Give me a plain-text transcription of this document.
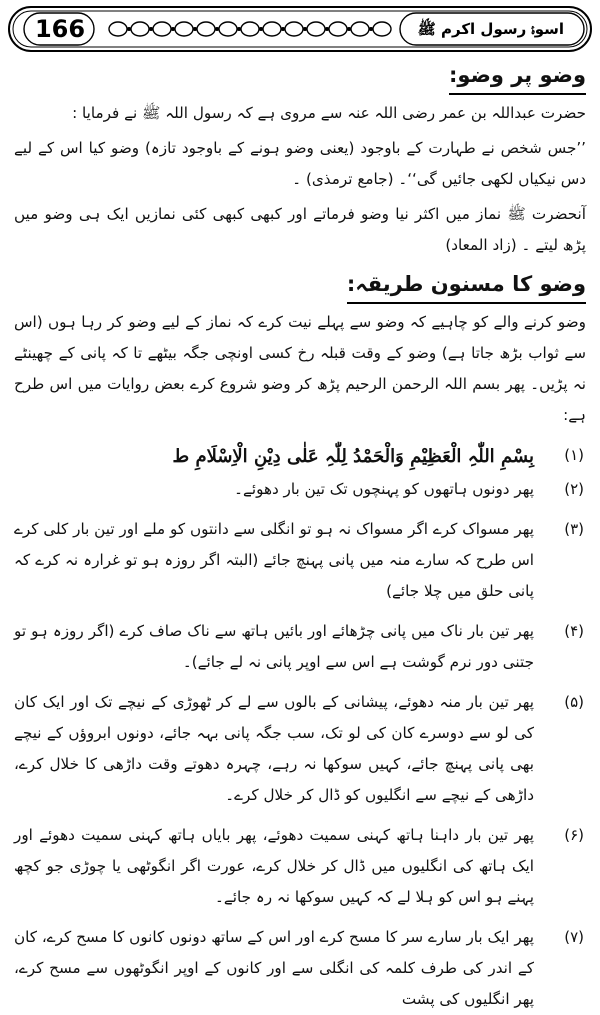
166	اسوۂ رسول اکرم ﷺ
وضو پر وضو:

حضرت عبداللہ بن عمر رضی اللہ عنہ سے مروی ہے کہ رسول اللہ ﷺ نے فرمایا :

’’جس شخص نے طہارت کے باوجود (یعنی وضو ہونے کے باوجود تازہ) وضو کیا اس کے لیے دس نیکیاں لکھی جائیں گی‘‘۔ (جامع ترمذی) ۔

آنحضرت ﷺ نماز میں اکثر نیا وضو فرماتے اور کبھی کبھی کئی نمازیں ایک ہی وضو میں پڑھ لیتے ۔ (زاد المعاد)

وضو کا مسنون طریقہ:

وضو کرنے والے کو چاہیے کہ وضو سے پہلے نیت کرے کہ نماز کے لیے وضو کر رہا ہوں (اس سے ثواب بڑھ جاتا ہے) وضو کے وقت قبلہ رخ کسی اونچی جگہ بیٹھے تا کہ پانی کے چھینٹے نہ پڑیں۔ پھر بسم اللہ الرحمن الرحیم پڑھ کر وضو شروع کرے بعض روایات میں اس طرح ہے:

(۱)
بِسْمِ اللّٰہِ الْعَظِیْمِ وَالْحَمْدُ لِلّٰہِ عَلٰی دِیْنِ الْاِسْلَامِ ط
(۲)
پھر دونوں ہاتھوں کو پہنچوں تک تین بار دھوئے۔
(۳)
پھر مسواک کرے اگر مسواک نہ ہو تو انگلی سے دانتوں کو ملے اور تین بار کلی کرے اس طرح کہ سارے منہ میں پانی پہنچ جائے (البتہ اگر روزہ ہو تو غرارہ نہ کرے کہ پانی حلق میں چلا جائے)
(۴)
پھر تین بار ناک میں پانی چڑھائے اور بائیں ہاتھ سے ناک صاف کرے (اگر روزہ ہو تو جتنی دور نرم گوشت ہے اس سے اوپر پانی نہ لے جائے)۔
(۵)
پھر تین بار منہ دھوئے، پیشانی کے بالوں سے لے کر ٹھوڑی کے نیچے تک اور ایک کان کی لو سے دوسرے کان کی لو تک، سب جگہ پانی بہہ جائے، دونوں ابروؤں کے نیچے بھی پانی پہنچ جائے، کہیں سوکھا نہ رہے، چہرہ دھوتے وقت داڑھی کا خلال کرے، داڑھی کے نیچے سے انگلیوں کو ڈال کر خلال کرے۔
(۶)
پھر تین بار داہنا ہاتھ کہنی سمیت دھوئے، پھر بایاں ہاتھ کہنی سمیت دھوئے اور ایک ہاتھ کی انگلیوں میں ڈال کر خلال کرے، عورت اگر انگوٹھی یا چوڑی جو کچھ پہنے ہو اس کو ہلا لے کہ کہیں سوکھا نہ رہ جائے۔
(۷)
پھر ایک بار سارے سر کا مسح کرے اور اس کے ساتھ دونوں کانوں کا مسح کرے، کان کے اندر کی طرف کلمہ کی انگلی سے اور کانوں کے اوپر انگوٹھوں سے مسح کرے، پھر انگلیوں کی پشت
